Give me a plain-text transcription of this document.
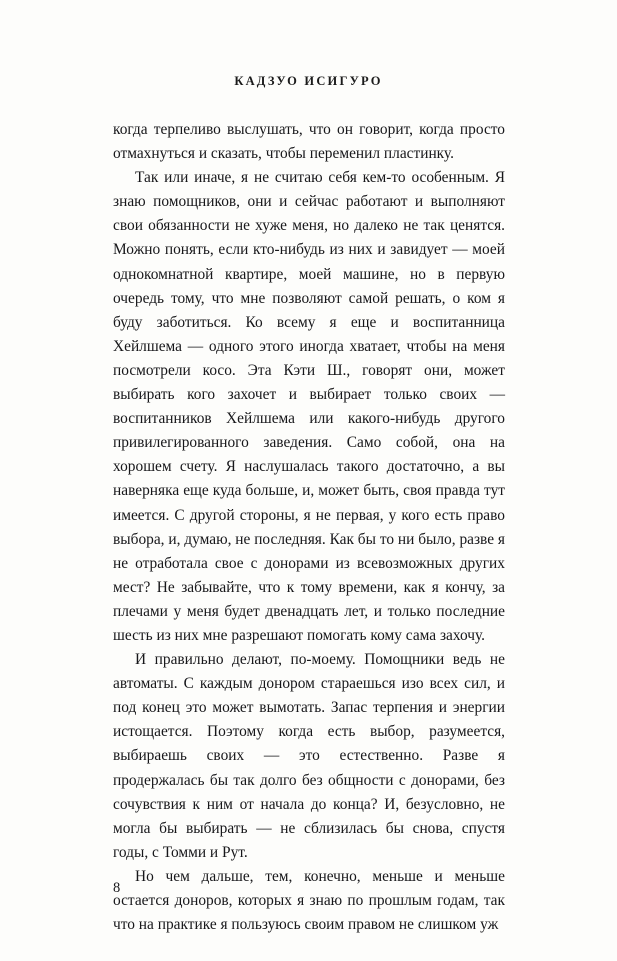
КАДЗУО ИСИГУРО

когда терпеливо выслушать, что он говорит, когда просто отмахнуться и сказать, чтобы переменил пластинку.

Так или иначе, я не считаю себя кем-то особенным. Я знаю помощников, они и сейчас работают и выполняют свои обязанности не хуже меня, но далеко не так ценятся. Можно понять, если кто-нибудь из них и завидует — моей однокомнатной квартире, моей машине, но в первую очередь тому, что мне позволяют самой решать, о ком я буду заботиться. Ко всему я еще и воспитанница Хейлшема — одного этого иногда хватает, чтобы на меня посмотрели косо. Эта Кэти Ш., говорят они, может выбирать кого захочет и выбирает только своих — воспитанников Хейлшема или какого-нибудь другого привилегированного заведения. Само собой, она на хорошем счету. Я наслушалась такого достаточно, а вы наверняка еще куда больше, и, может быть, своя правда тут имеется. С другой стороны, я не первая, у кого есть право выбора, и, думаю, не последняя. Как бы то ни было, разве я не отработала свое с донорами из всевозможных других мест? Не забывайте, что к тому времени, как я кончу, за плечами у меня будет двенадцать лет, и только последние шесть из них мне разрешают помогать кому сама захочу.

И правильно делают, по-моему. Помощники ведь не автоматы. С каждым донором стараешься изо всех сил, и под конец это может вымотать. Запас терпения и энергии истощается. Поэтому когда есть выбор, разумеется, выбираешь своих — это естественно. Разве я продержалась бы так долго без общности с донорами, без сочувствия к ним от начала до конца? И, безусловно, не могла бы выбирать — не сблизилась бы снова, спустя годы, с Томми и Рут.

Но чем дальше, тем, конечно, меньше и меньше остается доноров, которых я знаю по прошлым годам, так что на практике я пользуюсь своим правом не слишком уж

8
